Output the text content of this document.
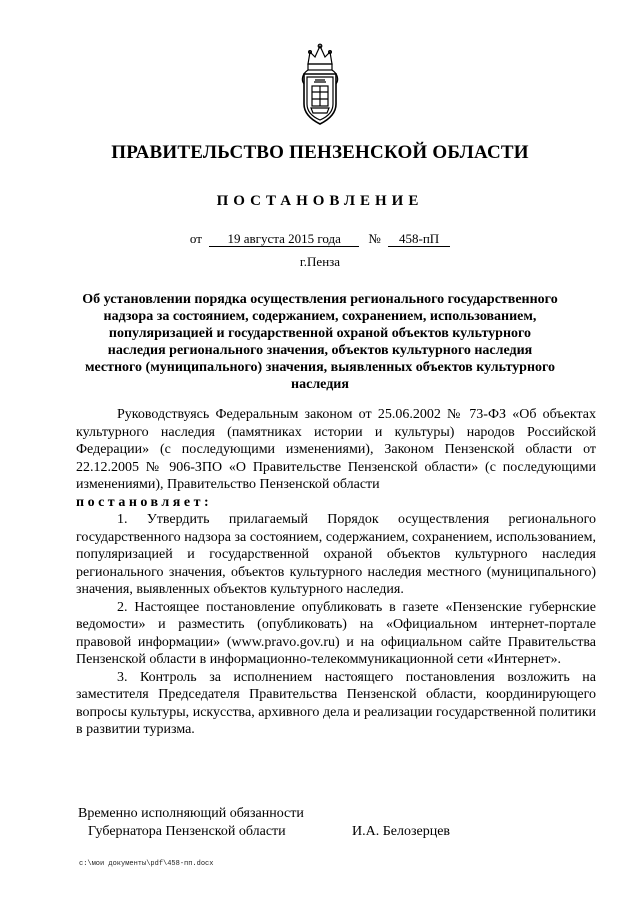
ПРАВИТЕЛЬСТВО ПЕНЗЕНСКОЙ ОБЛАСТИ
ПОСТАНОВЛЕНИЕ
от 19 августа 2015 года № 458-пП
г.Пенза
Об установлении порядка осуществления регионального государственного надзора за состоянием, содержанием, сохранением, использованием, популяризацией и государственной охраной объектов культурного наследия регионального значения, объектов культурного наследия местного (муниципального) значения, выявленных объектов культурного наследия

Руководствуясь Федеральным законом от 25.06.2002 № 73-ФЗ «Об объектах культурного наследия (памятниках истории и культуры) народов Российской Федерации» (с последующими изменениями), Законом Пензенской области от 22.12.2005 № 906-ЗПО «О Правительстве Пензенской области» (с последующими изменениями), Правительство Пензенской области

постановляет:

1. Утвердить прилагаемый Порядок осуществления регионального государственного надзора за состоянием, содержанием, сохранением, использованием, популяризацией и государственной охраной объектов культурного наследия регионального значения, объектов культурного наследия местного (муниципального) значения, выявленных объектов культурного наследия.

2. Настоящее постановление опубликовать в газете «Пензенские губернские ведомости» и разместить (опубликовать) на «Официальном интернет-портале правовой информации» (www.pravo.gov.ru) и на официальном сайте Правительства Пензенской области в информационно-телекоммуникационной сети «Интернет».

3. Контроль за исполнением настоящего постановления возложить на заместителя Председателя Правительства Пензенской области, координирующего вопросы культуры, искусства, архивного дела и реализации государственной политики в развитии туризма.

Временно исполняющий обязанности
Губернатора Пензенской области	И.А. Белозерцев
c:\мои документы\pdf\458-пп.docx
